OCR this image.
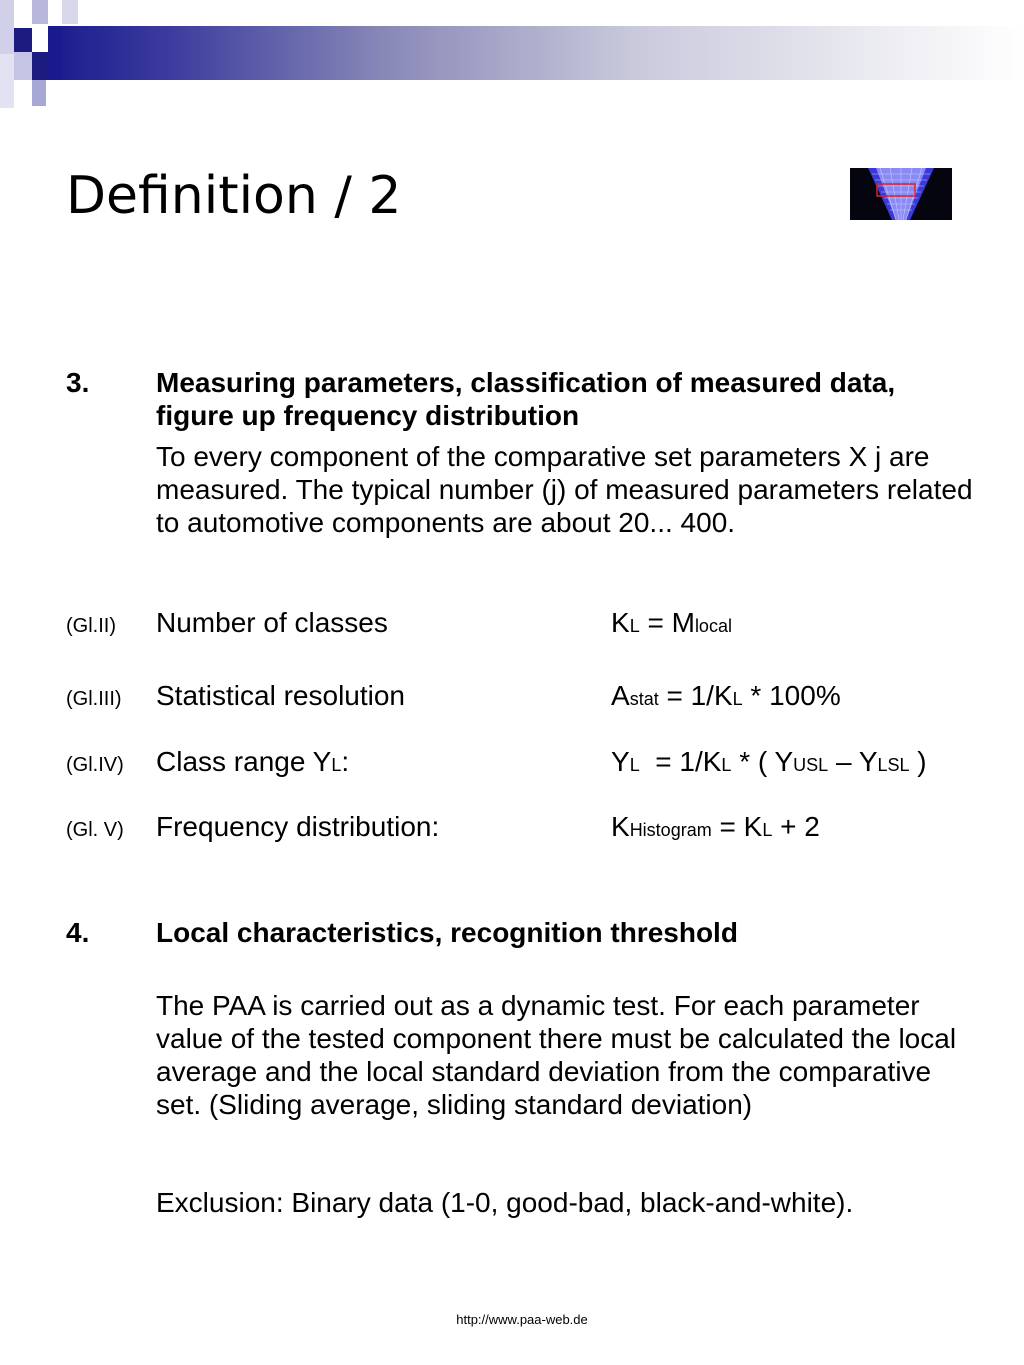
Definition / 2
3. Measuring parameters, classification of measured data, figure up frequency distribution
To every component of the comparative set parameters X j are measured. The typical number (j) of measured parameters related to automotive components are about 20... 400.
(Gl.II) Number of classes	KL = Mlocal
(Gl.III) Statistical resolution	Astat = 1/KL * 100%
(Gl.IV) Class range YL:	YL  = 1/KL * ( YUSL – YLSL )
(Gl. V) Frequency distribution:	KHistogram = KL + 2
4. Local characteristics, recognition threshold
The PAA is carried out as a dynamic test. For each parameter value of the tested component there must be calculated the local average and the local standard deviation from the comparative set. (Sliding average, sliding standard deviation)
Exclusion: Binary data (1-0, good-bad, black-and-white).
http://www.paa-web.de
